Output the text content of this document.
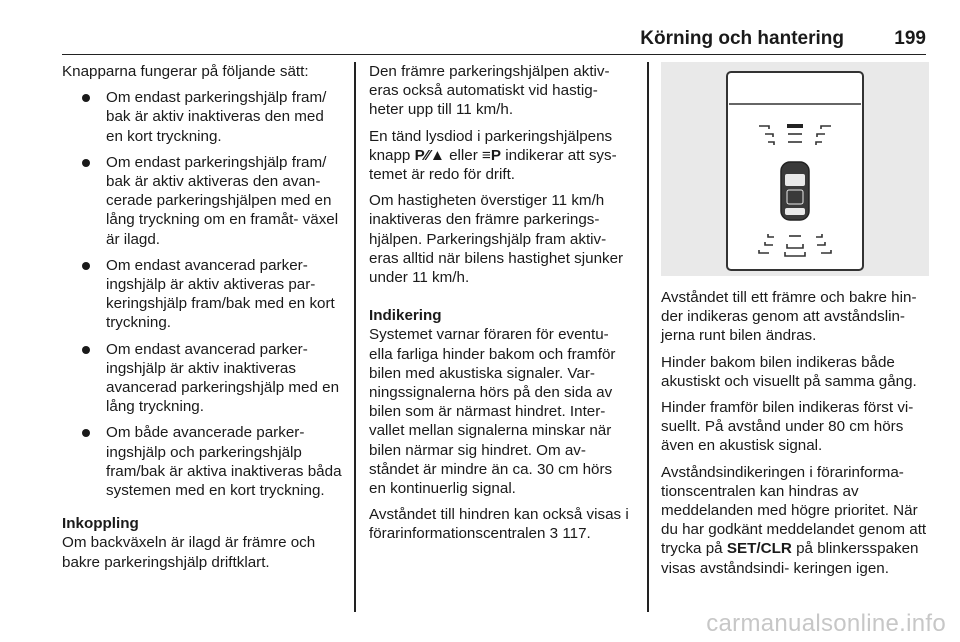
Körning och hantering	199

Knapparna fungerar på följande sätt:

Om endast parkeringshjälp fram/ bak är aktiv inaktiveras den med en kort tryckning.
Om endast parkeringshjälp fram/ bak är aktiv aktiveras den avan- cerade parkeringshjälpen med en lång tryckning om en framåt- växel är ilagd.
Om endast avancerad parker- ingshjälp är aktiv aktiveras par- keringshjälp fram/bak med en kort tryckning.
Om endast avancerad parker- ingshjälp är aktiv inaktiveras avancerad parkeringshjälp med en lång tryckning.
Om både avancerade parker- ingshjälp och parkeringshjälp fram/bak är aktiva inaktiveras båda systemen med en kort tryckning.

Inkoppling

Om backväxeln är ilagd är främre och bakre parkeringshjälp driftklart.

Den främre parkeringshjälpen aktiv- eras också automatiskt vid hastig- heter upp till 11 km/h.

En tänd lysdiod i parkeringshjälpens knapp P⁄⁄▲ eller ≡P indikerar att sys- temet är redo för drift.

Om hastigheten överstiger 11 km/h inaktiveras den främre parkerings- hjälpen. Parkeringshjälp fram aktiv- eras alltid när bilens hastighet sjunker under 11 km/h.

Indikering

Systemet varnar föraren för eventu- ella farliga hinder bakom och framför bilen med akustiska signaler. Var- ningssignalerna hörs på den sida av bilen som är närmast hindret. Inter- vallet mellan signalerna minskar när bilen närmar sig hindret. Om av- ståndet är mindre än ca. 30 cm hörs en kontinuerlig signal.

Avståndet till hindren kan också visas i förarinformationscentralen 3 117.

Avståndet till ett främre och bakre hin- der indikeras genom att avståndslin- jerna runt bilen ändras.

Hinder bakom bilen indikeras både akustiskt och visuellt på samma gång.

Hinder framför bilen indikeras först vi- suellt. På avstånd under 80 cm hörs även en akustisk signal.

Avståndsindikeringen i förarinforma- tionscentralen kan hindras av meddelanden med högre prioritet. När du har godkänt meddelandet genom att trycka på SET/CLR på blinkersspaken visas avståndsindi- keringen igen.

carmanualsonline.info
